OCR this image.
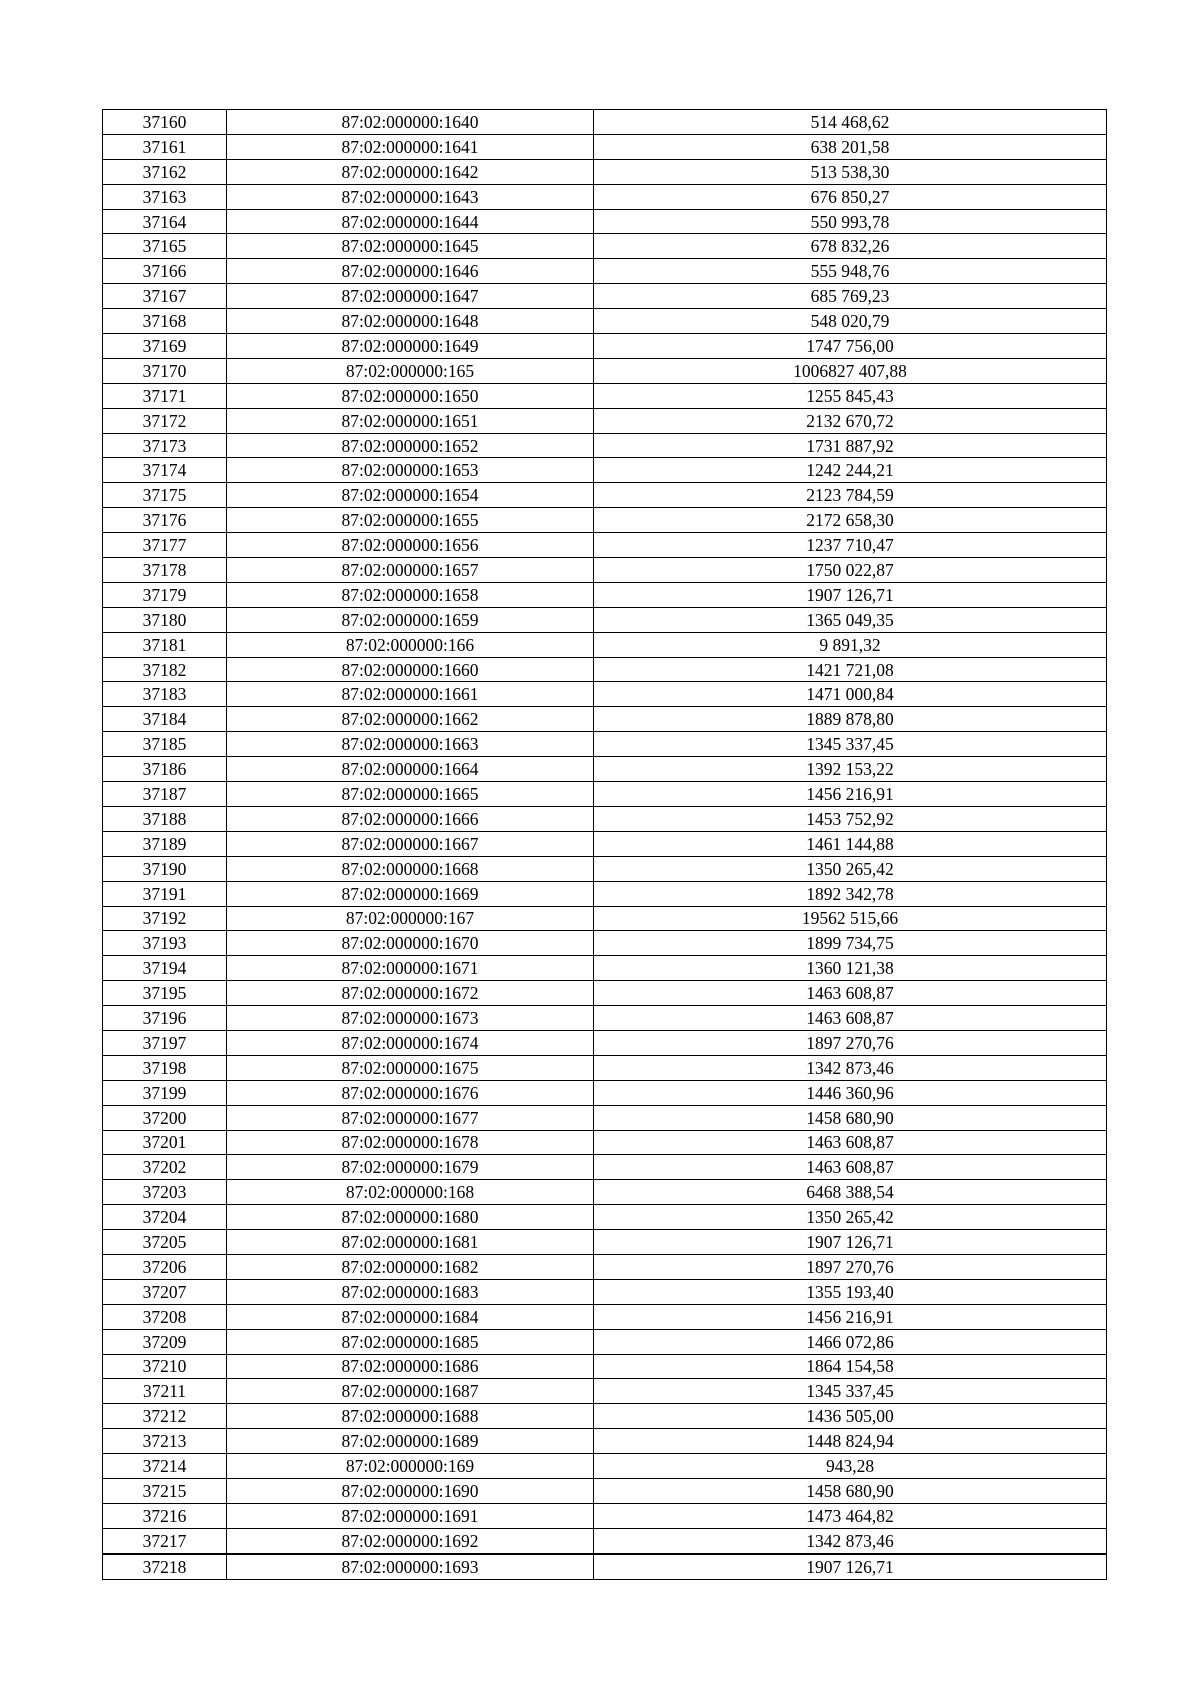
37160	87:02:000000:1640	514 468,62
37161	87:02:000000:1641	638 201,58
37162	87:02:000000:1642	513 538,30
37163	87:02:000000:1643	676 850,27
37164	87:02:000000:1644	550 993,78
37165	87:02:000000:1645	678 832,26
37166	87:02:000000:1646	555 948,76
37167	87:02:000000:1647	685 769,23
37168	87:02:000000:1648	548 020,79
37169	87:02:000000:1649	1747 756,00
37170	87:02:000000:165	1006827 407,88
37171	87:02:000000:1650	1255 845,43
37172	87:02:000000:1651	2132 670,72
37173	87:02:000000:1652	1731 887,92
37174	87:02:000000:1653	1242 244,21
37175	87:02:000000:1654	2123 784,59
37176	87:02:000000:1655	2172 658,30
37177	87:02:000000:1656	1237 710,47
37178	87:02:000000:1657	1750 022,87
37179	87:02:000000:1658	1907 126,71
37180	87:02:000000:1659	1365 049,35
37181	87:02:000000:166	9 891,32
37182	87:02:000000:1660	1421 721,08
37183	87:02:000000:1661	1471 000,84
37184	87:02:000000:1662	1889 878,80
37185	87:02:000000:1663	1345 337,45
37186	87:02:000000:1664	1392 153,22
37187	87:02:000000:1665	1456 216,91
37188	87:02:000000:1666	1453 752,92
37189	87:02:000000:1667	1461 144,88
37190	87:02:000000:1668	1350 265,42
37191	87:02:000000:1669	1892 342,78
37192	87:02:000000:167	19562 515,66
37193	87:02:000000:1670	1899 734,75
37194	87:02:000000:1671	1360 121,38
37195	87:02:000000:1672	1463 608,87
37196	87:02:000000:1673	1463 608,87
37197	87:02:000000:1674	1897 270,76
37198	87:02:000000:1675	1342 873,46
37199	87:02:000000:1676	1446 360,96
37200	87:02:000000:1677	1458 680,90
37201	87:02:000000:1678	1463 608,87
37202	87:02:000000:1679	1463 608,87
37203	87:02:000000:168	6468 388,54
37204	87:02:000000:1680	1350 265,42
37205	87:02:000000:1681	1907 126,71
37206	87:02:000000:1682	1897 270,76
37207	87:02:000000:1683	1355 193,40
37208	87:02:000000:1684	1456 216,91
37209	87:02:000000:1685	1466 072,86
37210	87:02:000000:1686	1864 154,58
37211	87:02:000000:1687	1345 337,45
37212	87:02:000000:1688	1436 505,00
37213	87:02:000000:1689	1448 824,94
37214	87:02:000000:169	943,28
37215	87:02:000000:1690	1458 680,90
37216	87:02:000000:1691	1473 464,82
37217	87:02:000000:1692	1342 873,46
37218	87:02:000000:1693	1907 126,71
